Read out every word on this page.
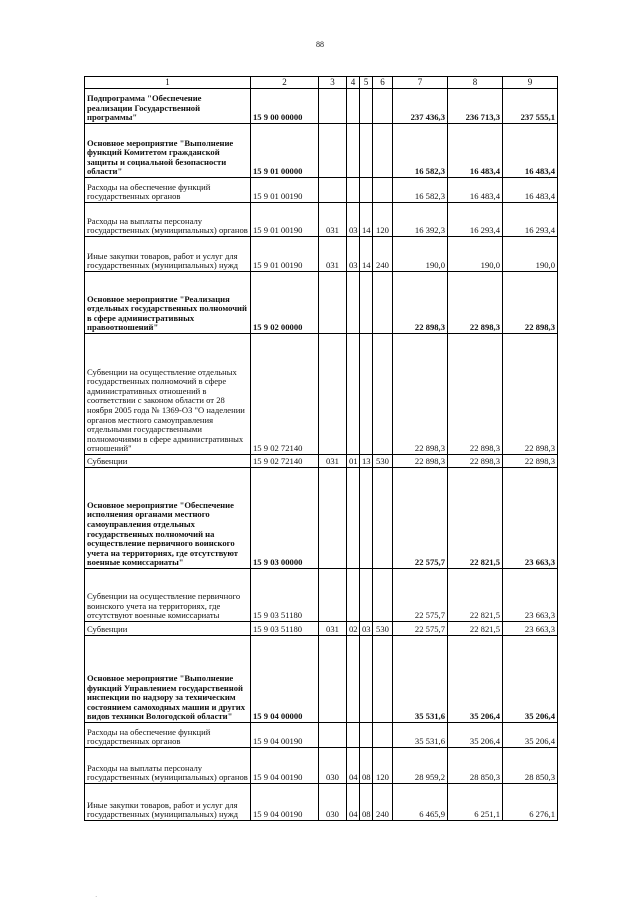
88
1	2	3	4	5	6	7	8	9
Подпрограмма "Обеспечение реализации Государственной программы"	15 9 00 00000					237 436,3	236 713,3	237 555,1
Основное мероприятие "Выполнение функций Комитетом гражданской защиты и социальной безопасности области"	15 9 01 00000					16 582,3	16 483,4	16 483,4
Расходы на обеспечение функций государственных органов	15 9 01 00190					16 582,3	16 483,4	16 483,4
Расходы на выплаты персоналу государственных (муниципальных) органов	15 9 01 00190	031	03	14	120	16 392,3	16 293,4	16 293,4
Иные закупки товаров, работ и услуг для государственных (муниципальных) нужд	15 9 01 00190	031	03	14	240	190,0	190,0	190,0
Основное мероприятие "Реализация отдельных государственных полномочий в сфере административных правоотношений"	15 9 02 00000					22 898,3	22 898,3	22 898,3
Субвенции на осуществление отдельных государственных полномочий в сфере административных отношений в соответствии с законом области от 28 ноября 2005 года № 1369-ОЗ "О наделении органов местного самоуправления отдельными государственными полномочиями в сфере административных отношений"	15 9 02 72140					22 898,3	22 898,3	22 898,3
Субвенции	15 9 02 72140	031	01	13	530	22 898,3	22 898,3	22 898,3
Основное мероприятие "Обеспечение исполнения органами местного самоуправления отдельных государственных полномочий на осуществление первичного воинского учета на территориях, где отсутствуют военные комиссариаты"	15 9 03 00000					22 575,7	22 821,5	23 663,3
Субвенции на осуществление первичного воинского учета на территориях, где отсутствуют военные комиссариаты	15 9 03 51180					22 575,7	22 821,5	23 663,3
Субвенции	15 9 03 51180	031	02	03	530	22 575,7	22 821,5	23 663,3
Основное мероприятие "Выполнение функций Управлением государственной инспекции по надзору за техническим состоянием самоходных машин и других видов техники Вологодской области"	15 9 04 00000					35 531,6	35 206,4	35 206,4
Расходы на обеспечение функций государственных органов	15 9 04 00190					35 531,6	35 206,4	35 206,4
Расходы на выплаты персоналу государственных (муниципальных) органов	15 9 04 00190	030	04	08	120	28 959,2	28 850,3	28 850,3
Иные закупки товаров, работ и услуг для государственных (муниципальных) нужд	15 9 04 00190	030	04	08	240	6 465,9	6 251,1	6 276,1
·
